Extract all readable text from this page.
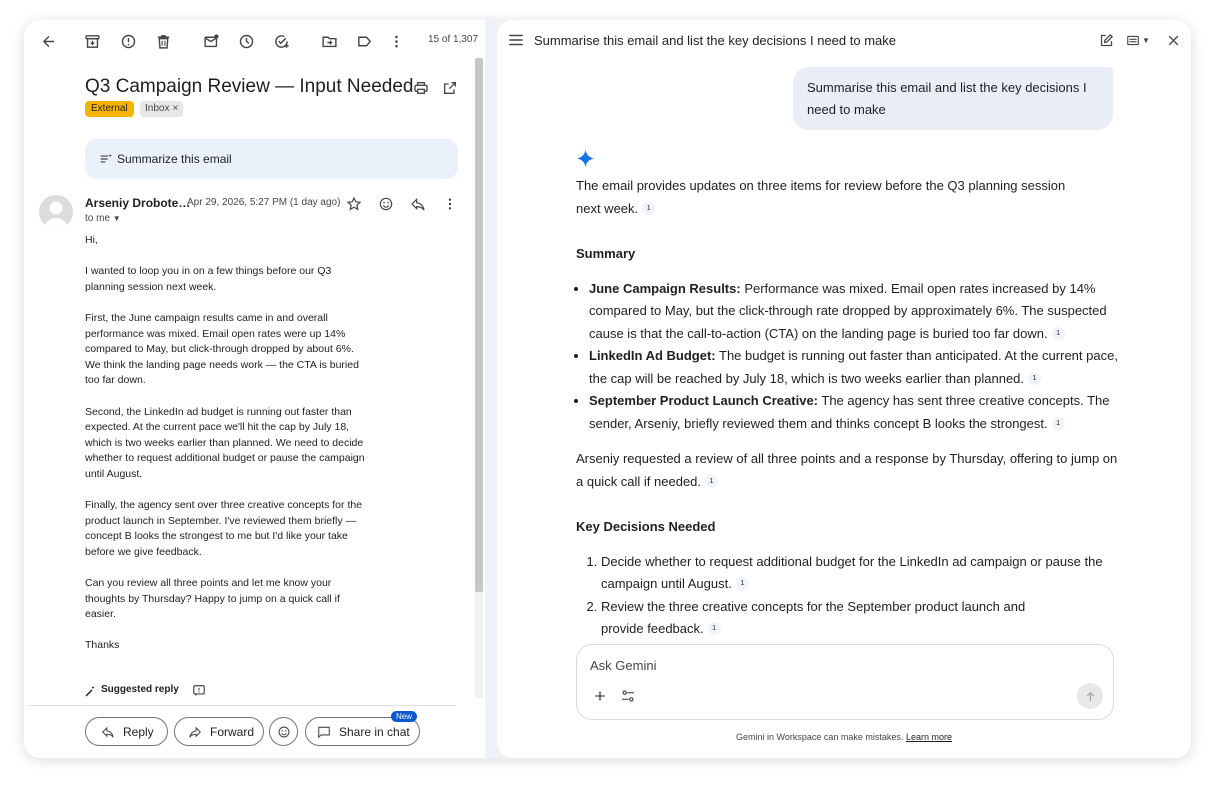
15 of 1,307
Q3 Campaign Review — Input Needed
External	Inbox ×
Summarize this email
Arseniy Drobote…
Apr 29, 2026, 5:27 PM (1 day ago)
to me ▼

Hi,

I wanted to loop you in on a few things before our Q3 planning session next week.

First, the June campaign results came in and overall performance was mixed. Email open rates were up 14% compared to May, but click-through dropped by about 6%. We think the landing page needs work — the CTA is buried too far down.

Second, the LinkedIn ad budget is running out faster than expected. At the current pace we'll hit the cap by July 18, which is two weeks earlier than planned. We need to decide whether to request additional budget or pause the campaign until August.

Finally, the agency sent over three creative concepts for the product launch in September. I've reviewed them briefly — concept B looks the strongest to me but I'd like your take before we give feedback.

Can you review all three points and let me know your thoughts by Thursday? Happy to jump on a quick call if easier.

Thanks

Suggested reply
Reply	Forward	Share in chat
New
Summarise this email and list the key decisions I need to make	▼
Summarise this email and list the key decisions I need to make

The email provides updates on three items for review before the Q3 planning session next week. 1

Summary
• June Campaign Results: Performance was mixed. Email open rates increased by 14% compared to May, but the click-through rate dropped by approximately 6%. The suspected cause is that the call-to-action (CTA) on the landing page is buried too far down. 1
• LinkedIn Ad Budget: The budget is running out faster than anticipated. At the current pace, the cap will be reached by July 18, which is two weeks earlier than planned. 1
• September Product Launch Creative: The agency has sent three creative concepts. The sender, Arseniy, briefly reviewed them and thinks concept B looks the strongest. 1

Arseniy requested a review of all three points and a response by Thursday, offering to jump on a quick call if needed. 1

Key Decisions Needed
1. Decide whether to request additional budget for the LinkedIn ad campaign or pause the campaign until August. 1
2. Review the three creative concepts for the September product launch and provide feedback. 1
Ask Gemini
Gemini in Workspace can make mistakes. Learn more
